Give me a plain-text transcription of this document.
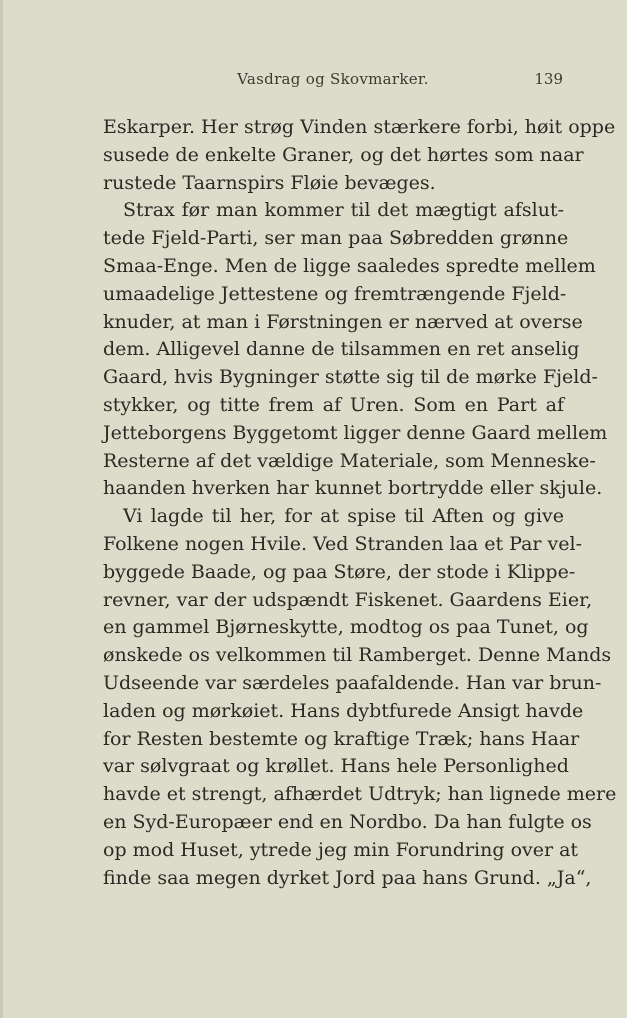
Vasdrag og Skovmarker.	139
Eskarper. Her strøg Vinden stærkere forbi, høit oppe
susede de enkelte Graner, og det hørtes som naar
rustede Taarnspirs Fløie bevæges.
Strax før man kommer til det mægtigt afslut-
tede Fjeld-Parti, ser man paa Søbredden grønne
Smaa-Enge. Men de ligge saaledes spredte mellem
umaadelige Jettestene og fremtrængende Fjeld-
knuder, at man i Førstningen er nærved at overse
dem. Alligevel danne de tilsammen en ret anselig
Gaard, hvis Bygninger støtte sig til de mørke Fjeld-
stykker, og titte frem af Uren. Som en Part af
Jetteborgens Byggetomt ligger denne Gaard mellem
Resterne af det vældige Materiale, som Menneske-
haanden hverken har kunnet bortrydde eller skjule.
Vi lagde til her, for at spise til Aften og give
Folkene nogen Hvile. Ved Stranden laa et Par vel-
byggede Baade, og paa Støre, der stode i Klippe-
revner, var der udspændt Fiskenet. Gaardens Eier,
en gammel Bjørneskytte, modtog os paa Tunet, og
ønskede os velkommen til Ramberget. Denne Mands
Udseende var særdeles paafaldende. Han var brun-
laden og mørkøiet. Hans dybtfurede Ansigt havde
for Resten bestemte og kraftige Træk; hans Haar
var sølvgraat og krøllet. Hans hele Personlighed
havde et strengt, afhærdet Udtryk; han lignede mere
en Syd-Europæer end en Nordbo. Da han fulgte os
op mod Huset, ytrede jeg min Forundring over at
finde saa megen dyrket Jord paa hans Grund. „Ja“,
